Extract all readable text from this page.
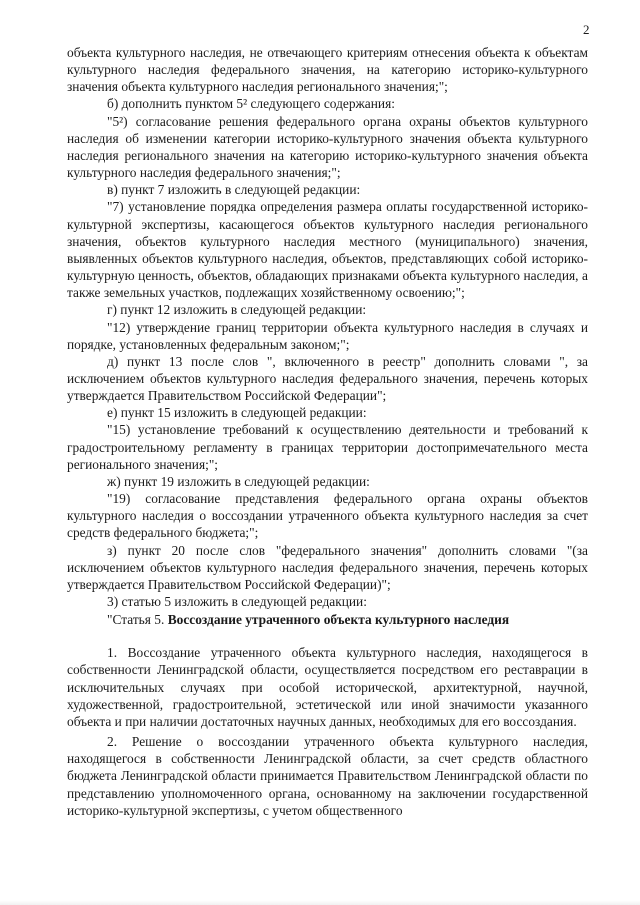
2

объекта культурного наследия, не отвечающего критериям отнесения объекта к объектам культурного наследия федерального значения, на категорию историко-культурного значения объекта культурного наследия регионального значения;";

б) дополнить пунктом 5² следующего содержания:

"5²) согласование решения федерального органа охраны объектов культурного наследия об изменении категории историко-культурного значения объекта культурного наследия регионального значения на категорию историко-культурного значения объекта культурного наследия федерального значения;";

в) пункт 7 изложить в следующей редакции:

"7) установление порядка определения размера оплаты государственной историко-культурной экспертизы, касающегося объектов культурного наследия регионального значения, объектов культурного наследия местного (муниципального) значения, выявленных объектов культурного наследия, объектов, представляющих собой историко-культурную ценность, объектов, обладающих признаками объекта культурного наследия, а также земельных участков, подлежащих хозяйственному освоению;";

г) пункт 12 изложить в следующей редакции:

"12) утверждение границ территории объекта культурного наследия в случаях и порядке, установленных федеральным законом;";

д) пункт 13 после слов ", включенного в реестр" дополнить словами ", за исключением объектов культурного наследия федерального значения, перечень которых утверждается Правительством Российской Федерации";

е) пункт 15 изложить в следующей редакции:

"15) установление требований к осуществлению деятельности и требований к градостроительному регламенту в границах территории достопримечательного места регионального значения;";

ж) пункт 19 изложить в следующей редакции:

"19) согласование представления федерального органа охраны объектов культурного наследия о воссоздании утраченного объекта культурного наследия за счет средств федерального бюджета;";

з) пункт 20 после слов "федерального значения" дополнить словами "(за исключением объектов культурного наследия федерального значения, перечень которых утверждается Правительством Российской Федерации)";

3) статью 5 изложить в следующей редакции:

"Статья 5. Воссоздание утраченного объекта культурного наследия

1. Воссоздание утраченного объекта культурного наследия, находящегося в собственности Ленинградской области, осуществляется посредством его реставрации в исключительных случаях при особой исторической, архитектурной, научной, художественной, градостроительной, эстетической или иной значимости указанного объекта и при наличии достаточных научных данных, необходимых для его воссоздания.

2. Решение о воссоздании утраченного объекта культурного наследия, находящегося в собственности Ленинградской области, за счет средств областного бюджета Ленинградской области принимается Правительством Ленинградской области по представлению уполномоченного органа, основанному на заключении государственной историко-культурной экспертизы, с учетом общественного
